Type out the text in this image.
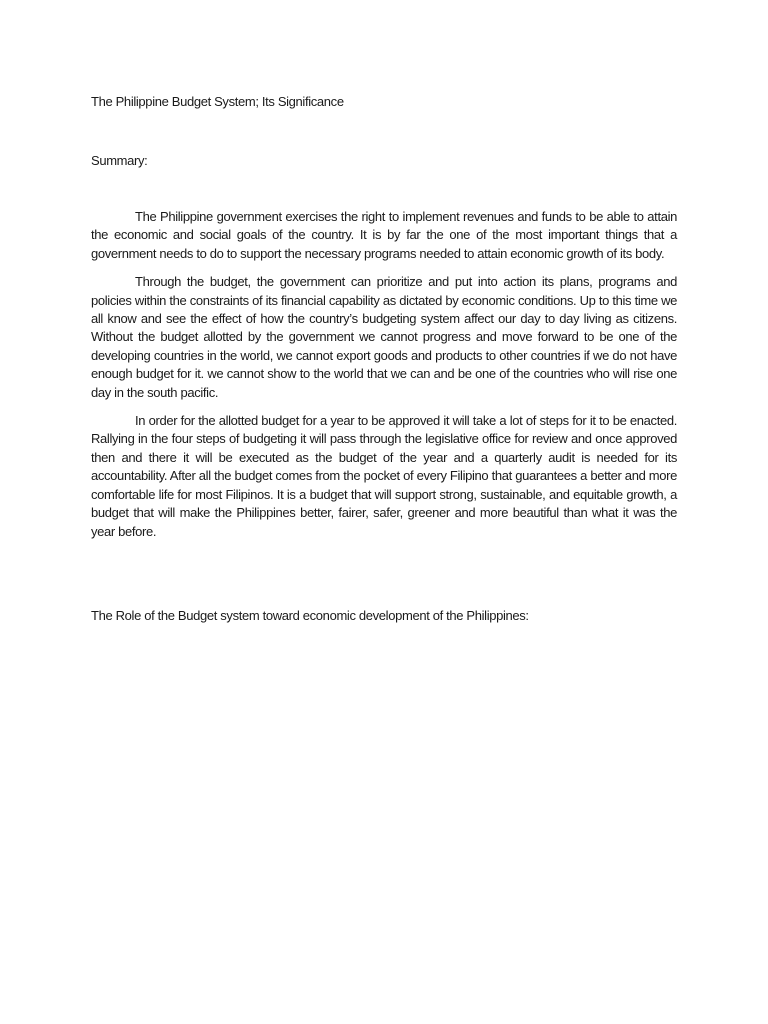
The Philippine Budget System; Its Significance

Summary:

The Philippine government exercises the right to implement revenues and funds to be able to attain the economic and social goals of the country. It is by far the one of the most important things that a government needs to do to support the necessary programs needed to attain economic growth of its body.

Through the budget, the government can prioritize and put into action its plans, programs and policies within the constraints of its financial capability as dictated by economic conditions. Up to this time we all know and see the effect of how the country’s budgeting system affect our day to day living as citizens. Without the budget allotted by the government we cannot progress and move forward to be one of the developing countries in the world, we cannot export goods and products to other countries if we do not have enough budget for it. we cannot show to the world that we can and be one of the countries who will rise one day in the south pacific.

In order for the allotted budget for a year to be approved it will take a lot of steps for it to be enacted. Rallying in the four steps of budgeting it will pass through the legislative office for review and once approved then and there it will be executed as the budget of the year and a quarterly audit is needed for its accountability. After all the budget comes from the pocket of every Filipino that guarantees a better and more comfortable life for most Filipinos. It is a budget that will support strong, sustainable, and equitable growth, a budget that will make the Philippines better, fairer, safer, greener and more beautiful than what it was the year before.

The Role of the Budget system toward economic development of the Philippines:
